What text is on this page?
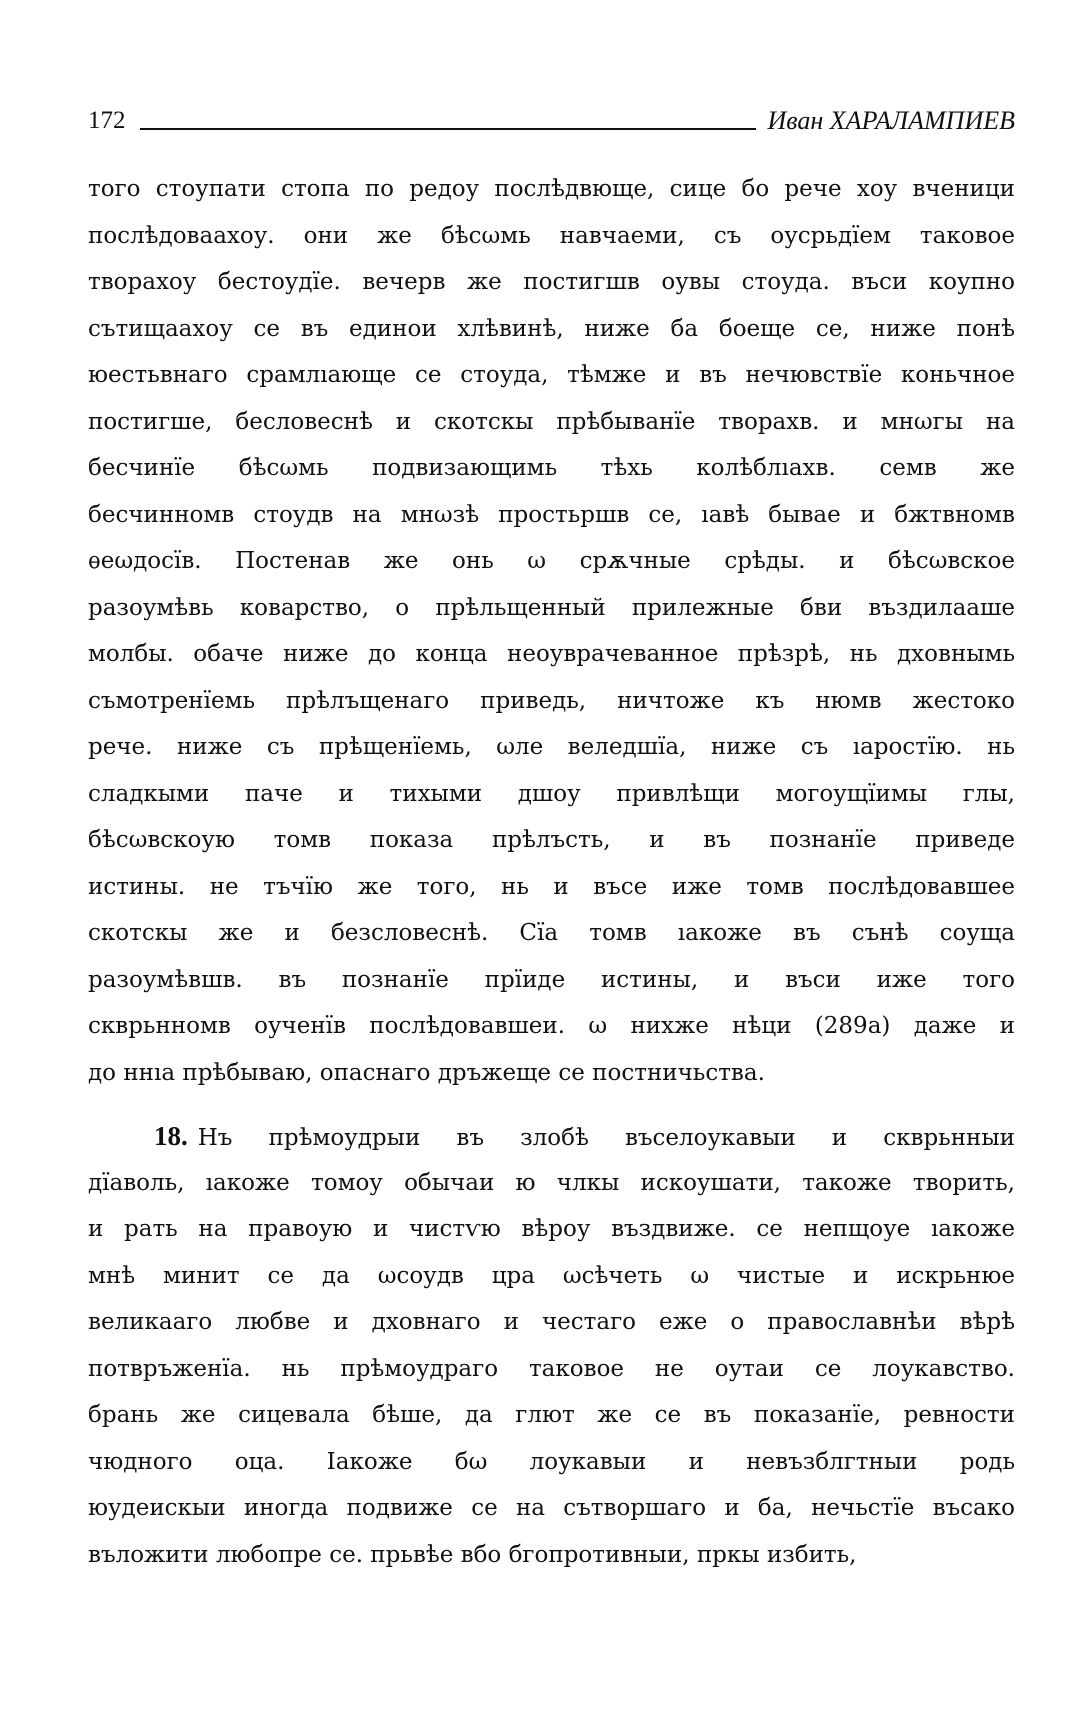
172	Иван ХАРАЛАМПИЕВ
того стоупати стопа по редоу послѣдвюще, сице бо рече хоу вченици
послѣдоваахоу. они же бѣсωмь навчаеми, съ оусрьдїем таковое
творахоу бестоудїе. вечерв же постигшв оувы стоуда. въси коупно
сътищаахоу се въ единои хлѣвинѣ, ниже ба боеще се, ниже понѣ
юестьвнаго срамлıающе се стоуда, тѣмже и въ нечювствїе коньчное
постигше, бесловеснѣ и скотскы прѣбыванїе творахв. и мнωгы на
бесчинїе бѣсωмь подвизающимь тѣхь колѣблıахв. семв же
бесчинномв стоудв на мнωзѣ простьршв се, ıавѣ бывае и бжтвномв
ѳеωдосїв. Постенав же онь ω срѫчные срѣды. и бѣсωвское
разоумѣвь коварство, о прѣльщенный прилежные бви въздилааше
молбы. обаче ниже до конца неоуврачеванное прѣзрѣ, нь дховнымь
съмотренїемь прѣлъщенаго приведь, ничтоже къ нюмв жестоко
рече. ниже съ прѣщенїемь, ωле веледшїа, ниже съ ıаростїю. нь
сладкыми паче и тихыми дшоу привлѣщи могоущїимы глы,
бѣсωвскоую томв показа прѣлъсть, и въ познанїе приведе
истины. не тъчїю же того, нь и въсе иже томв послѣдовавшее
скотскы же и безсловеснѣ. Сїа томв ıакоже въ сънѣ соуща
разоумѣвшв. въ познанїе прїиде истины, и въси иже того
скврьнномв оученїв послѣдовавшеи. ω нихже нѣци (289а) даже и
до ннıа прѣбываю, опаснаго дръжеще се постничьства.
18. Нъ прѣмоудрыи въ злобѣ въселоукавыи и скврьнныи
дїаволь, ıакоже томоу обычаи ю члкы искоушати, такоже творить,
и рать на правоую и чистѵю вѣроу въздвиже. се непщоуе ıакоже
мнѣ минит се да ωсоудв цра ωсѣчеть ω чистые и искрьнюе
великааго любве и дховнаго и честаго еже о православнѣи вѣрѣ
потвръженїа. нь прѣмоудраго таковое не оутаи се лоукавство.
брань же сицевала бѣше, да глют же се въ показанїе, ревности
чюдного оца. Ιакоже бω лоукавыи и невъзблгтныи родь
юудеискыи иногда подвиже се на сътворшаго и ба, нечьстїе въсако
въложити любопре се. прьвѣе вбо бгопротивныи, пркы избить,
